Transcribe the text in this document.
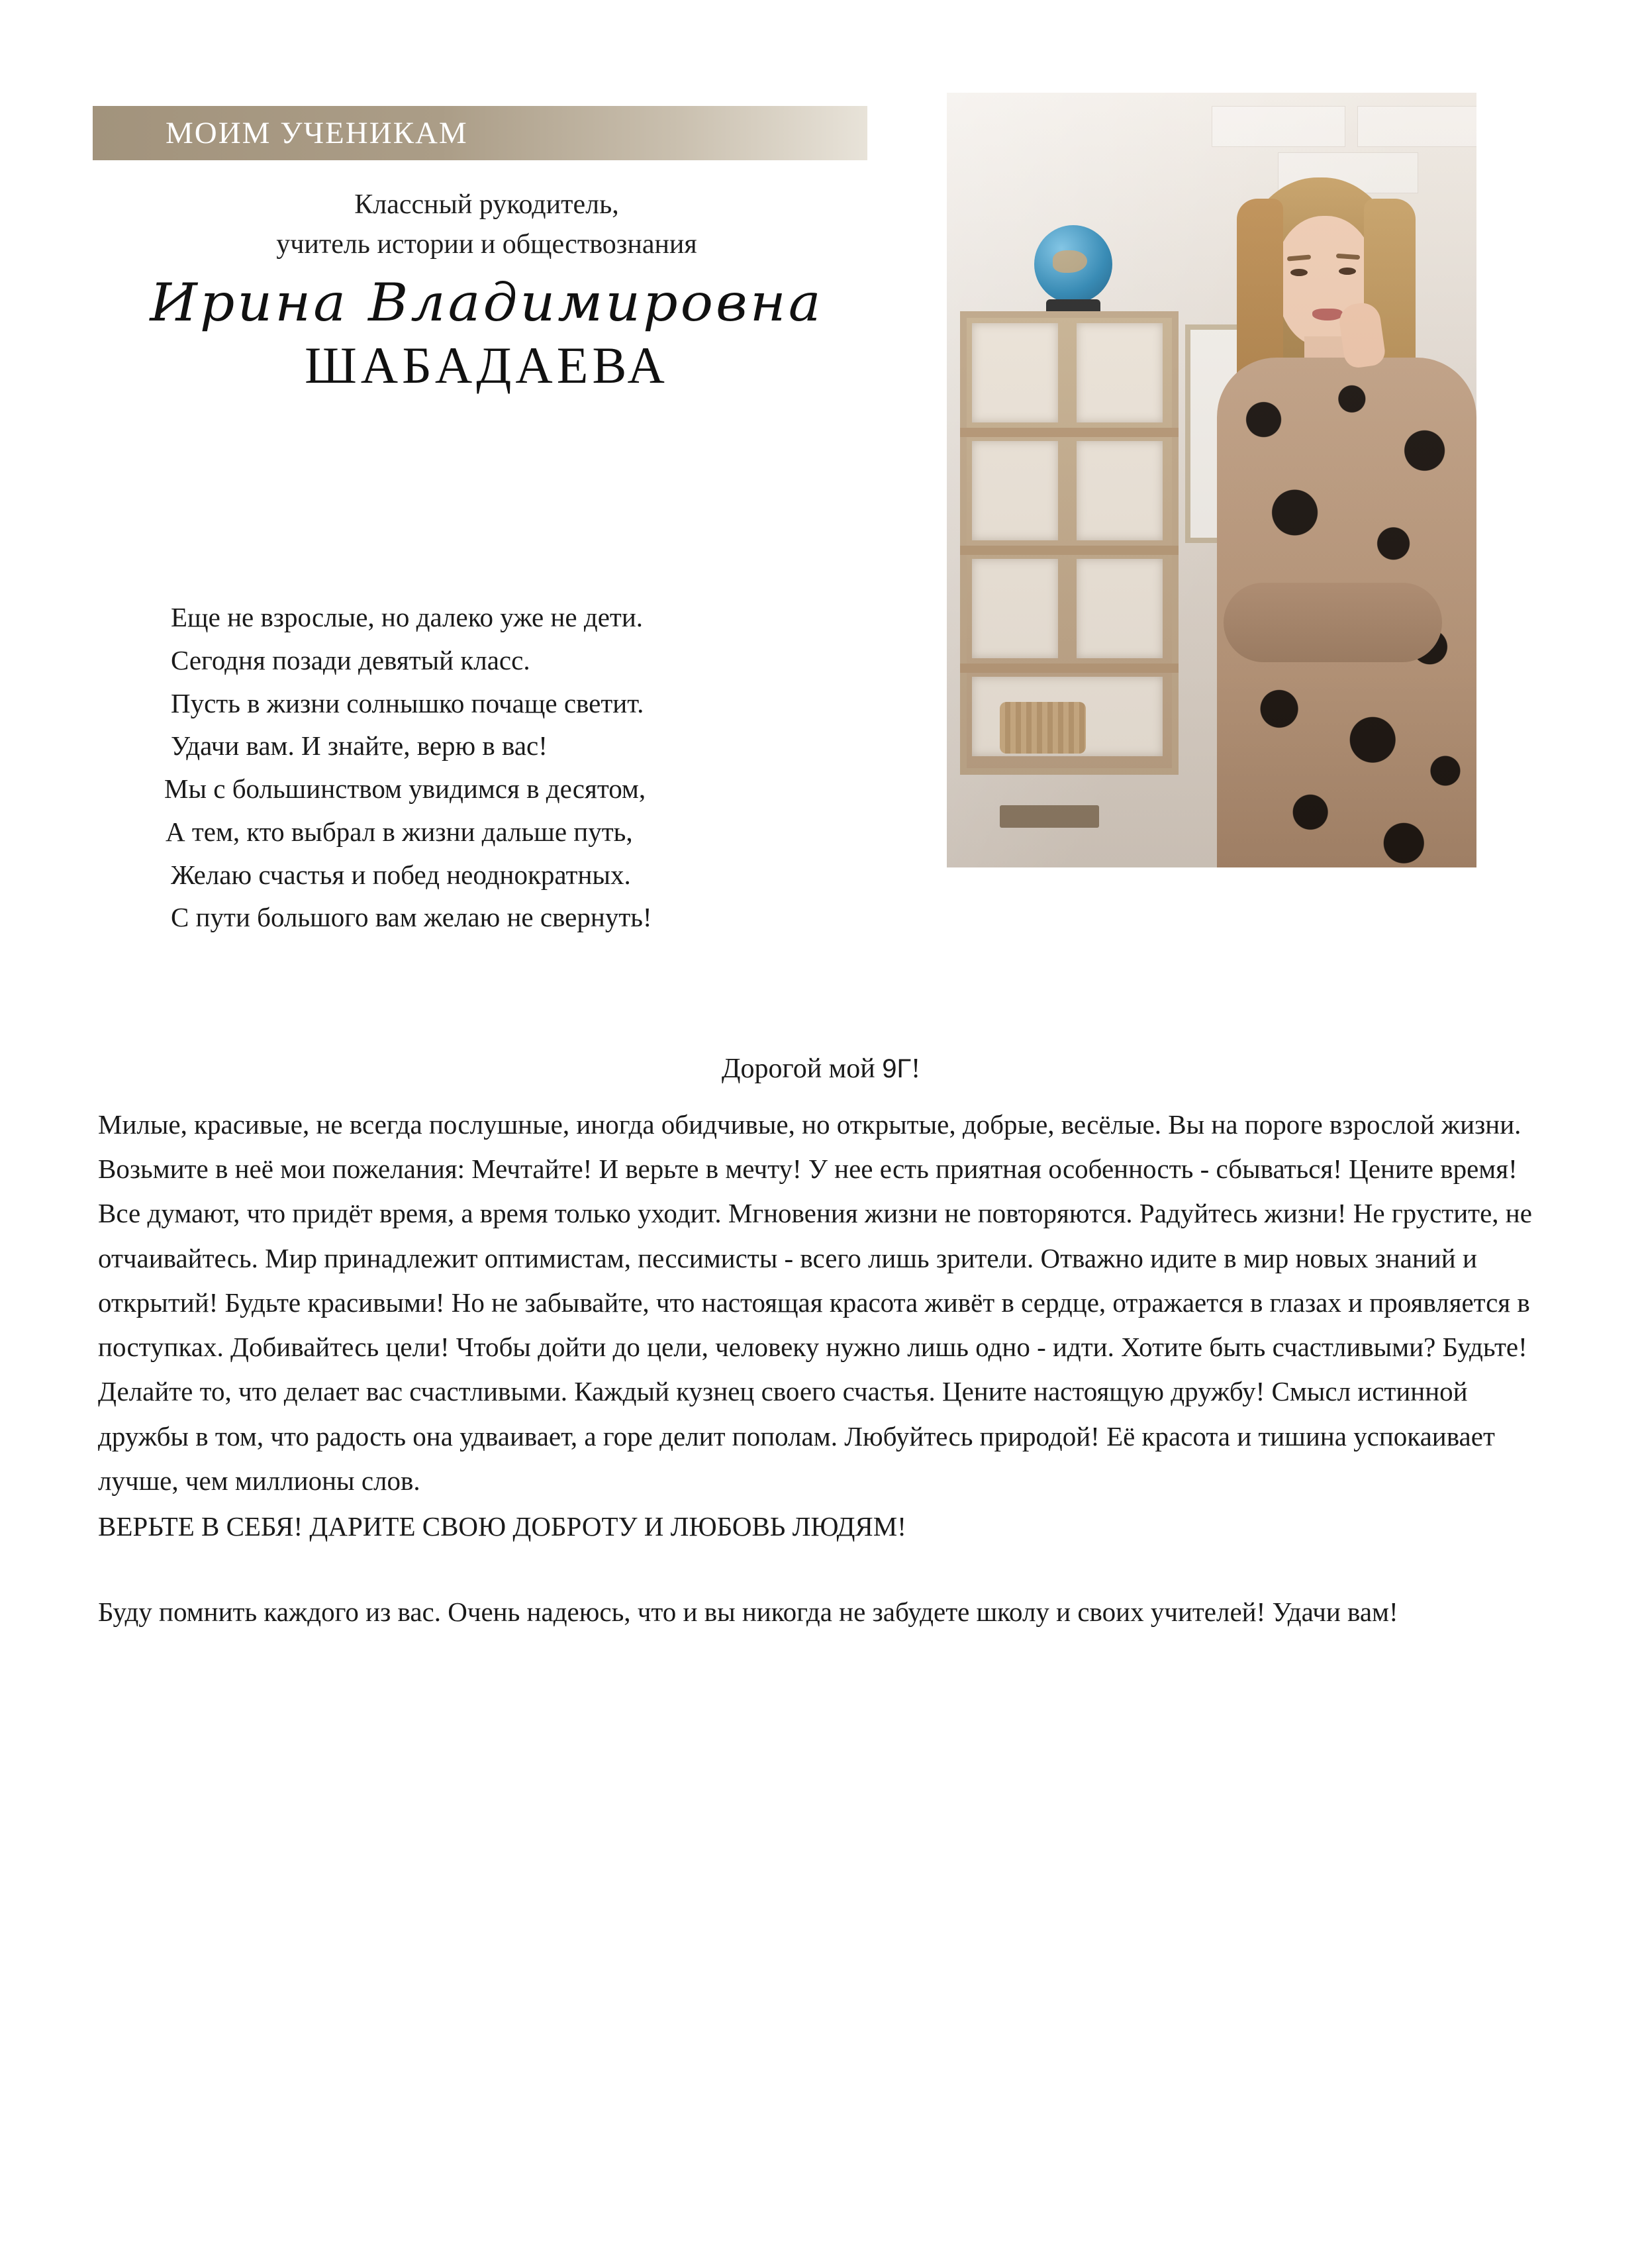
МОИМ УЧЕНИКАМ
Классный рукодитель,
учитель истории и обществознания
Ирина Владимировна
ШАБАДАЕВА
Еще не взрослые, но далеко уже не дети.
Сегодня позади девятый класс.
Пусть в жизни солнышко почаще светит.
Удачи вам. И знайте, верю в вас!
Мы с большинством увидимся в десятом,
А тем, кто выбрал в жизни дальше путь,
Желаю счастья и побед неоднократных.
С пути большого вам желаю не свернуть!
Дорогой мой 9Г!

Милые, красивые, не всегда послушные, иногда обидчивые, но открытые, добрые, весёлые. Вы на пороге взрослой жизни. Возьмите в неё мои пожелания: Мечтайте! И верьте в мечту! У нее есть приятная особенность - сбываться! Цените время! Все думают, что придёт время, а время только уходит. Мгновения жизни не повторяются. Радуйтесь жизни! Не грустите, не отчаивайтесь. Мир принадлежит оптимистам, пессимисты - всего лишь зрители. Отважно идите в мир новых знаний и открытий! Будьте красивыми! Но не забывайте, что настоящая красота живёт в сердце, отражается в глазах и проявляется в поступках. Добивайтесь цели! Чтобы дойти до цели, человеку нужно лишь одно - идти. Хотите быть счастливыми? Будьте! Делайте то, что делает вас счастливыми. Каждый кузнец своего счастья. Цените настоящую дружбу! Смысл истинной дружбы в том, что радость она удваивает, а горе делит пополам. Любуйтесь природой! Её красота и тишина успокаивает лучше, чем миллионы слов.

ВЕРЬТЕ В СЕБЯ! ДАРИТЕ СВОЮ ДОБРОТУ И ЛЮБОВЬ ЛЮДЯМ!

Буду помнить каждого из вас. Очень надеюсь, что и вы никогда не забудете школу и своих учителей! Удачи вам!
